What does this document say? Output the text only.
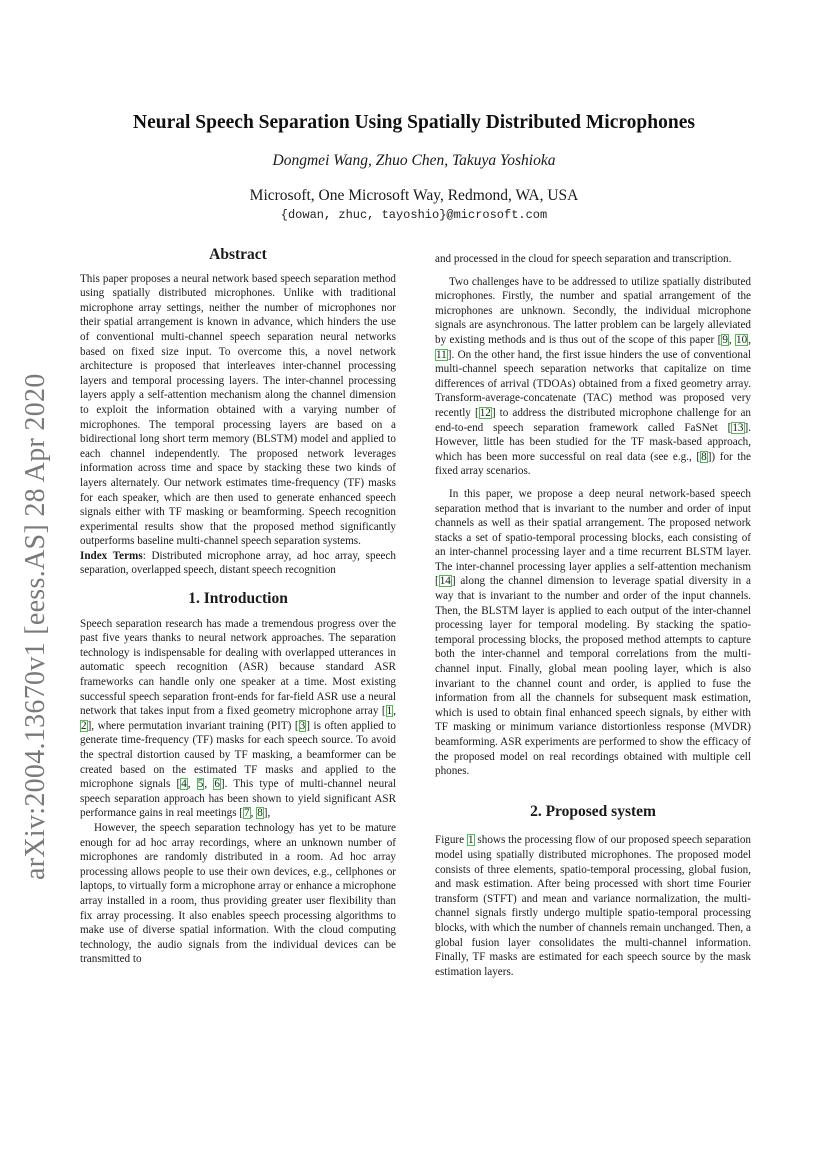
arXiv:2004.13670v1 [eess.AS] 28 Apr 2020
Neural Speech Separation Using Spatially Distributed Microphones
Dongmei Wang, Zhuo Chen, Takuya Yoshioka
Microsoft, One Microsoft Way, Redmond, WA, USA
{dowan, zhuc, tayoshio}@microsoft.com
Abstract

This paper proposes a neural network based speech separation method using spatially distributed microphones. Unlike with traditional microphone array settings, neither the number of microphones nor their spatial arrangement is known in advance, which hinders the use of conventional multi-channel speech separation neural networks based on fixed size input. To overcome this, a novel network architecture is proposed that interleaves inter-channel processing layers and temporal processing layers. The inter-channel processing layers apply a self-attention mechanism along the channel dimension to exploit the information obtained with a varying number of microphones. The temporal processing layers are based on a bidirectional long short term memory (BLSTM) model and applied to each channel independently. The proposed network leverages information across time and space by stacking these two kinds of layers alternately. Our network estimates time-frequency (TF) masks for each speaker, which are then used to generate enhanced speech signals either with TF masking or beamforming. Speech recognition experimental results show that the proposed method significantly outperforms baseline multi-channel speech separation systems.

Index Terms: Distributed microphone array, ad hoc array, speech separation, overlapped speech, distant speech recognition

1. Introduction

Speech separation research has made a tremendous progress over the past five years thanks to neural network approaches. The separation technology is indispensable for dealing with overlapped utterances in automatic speech recognition (ASR) because standard ASR frameworks can handle only one speaker at a time. Most existing successful speech separation front-ends for far-field ASR use a neural network that takes input from a fixed geometry microphone array [1, 2], where permutation invariant training (PIT) [3] is often applied to generate time-frequency (TF) masks for each speech source. To avoid the spectral distortion caused by TF masking, a beamformer can be created based on the estimated TF masks and applied to the microphone signals [4, 5, 6]. This type of multi-channel neural speech separation approach has been shown to yield significant ASR performance gains in real meetings [7, 8],

However, the speech separation technology has yet to be mature enough for ad hoc array recordings, where an unknown number of microphones are randomly distributed in a room. Ad hoc array processing allows people to use their own devices, e.g., cellphones or laptops, to virtually form a microphone array or enhance a microphone array installed in a room, thus providing greater user flexibility than fix array processing. It also enables speech processing algorithms to make use of diverse spatial information. With the cloud computing technology, the audio signals from the individual devices can be transmitted to

and processed in the cloud for speech separation and transcription.

Two challenges have to be addressed to utilize spatially distributed microphones. Firstly, the number and spatial arrangement of the microphones are unknown. Secondly, the individual microphone signals are asynchronous. The latter problem can be largely alleviated by existing methods and is thus out of the scope of this paper [9, 10, 11]. On the other hand, the first issue hinders the use of conventional multi-channel speech separation networks that capitalize on time differences of arrival (TDOAs) obtained from a fixed geometry array. Transform-average-concatenate (TAC) method was proposed very recently [12] to address the distributed microphone challenge for an end-to-end speech separation framework called FaSNet [13]. However, little has been studied for the TF mask-based approach, which has been more successful on real data (see e.g., [8]) for the fixed array scenarios.

In this paper, we propose a deep neural network-based speech separation method that is invariant to the number and order of input channels as well as their spatial arrangement. The proposed network stacks a set of spatio-temporal processing blocks, each consisting of an inter-channel processing layer and a time recurrent BLSTM layer. The inter-channel processing layer applies a self-attention mechanism [14] along the channel dimension to leverage spatial diversity in a way that is invariant to the number and order of the input channels. Then, the BLSTM layer is applied to each output of the inter-channel processing layer for temporal modeling. By stacking the spatio-temporal processing blocks, the proposed method attempts to capture both the inter-channel and temporal correlations from the multi-channel input. Finally, global mean pooling layer, which is also invariant to the channel count and order, is applied to fuse the information from all the channels for subsequent mask estimation, which is used to obtain final enhanced speech signals, by either with TF masking or minimum variance distortionless response (MVDR) beamforming. ASR experiments are performed to show the efficacy of the proposed model on real recordings obtained with multiple cell phones.

2. Proposed system

Figure 1 shows the processing flow of our proposed speech separation model using spatially distributed microphones. The proposed model consists of three elements, spatio-temporal processing, global fusion, and mask estimation. After being processed with short time Fourier transform (STFT) and mean and variance normalization, the multi-channel signals firstly undergo multiple spatio-temporal processing blocks, with which the number of channels remain unchanged. Then, a global fusion layer consolidates the multi-channel information. Finally, TF masks are estimated for each speech source by the mask estimation layers.
